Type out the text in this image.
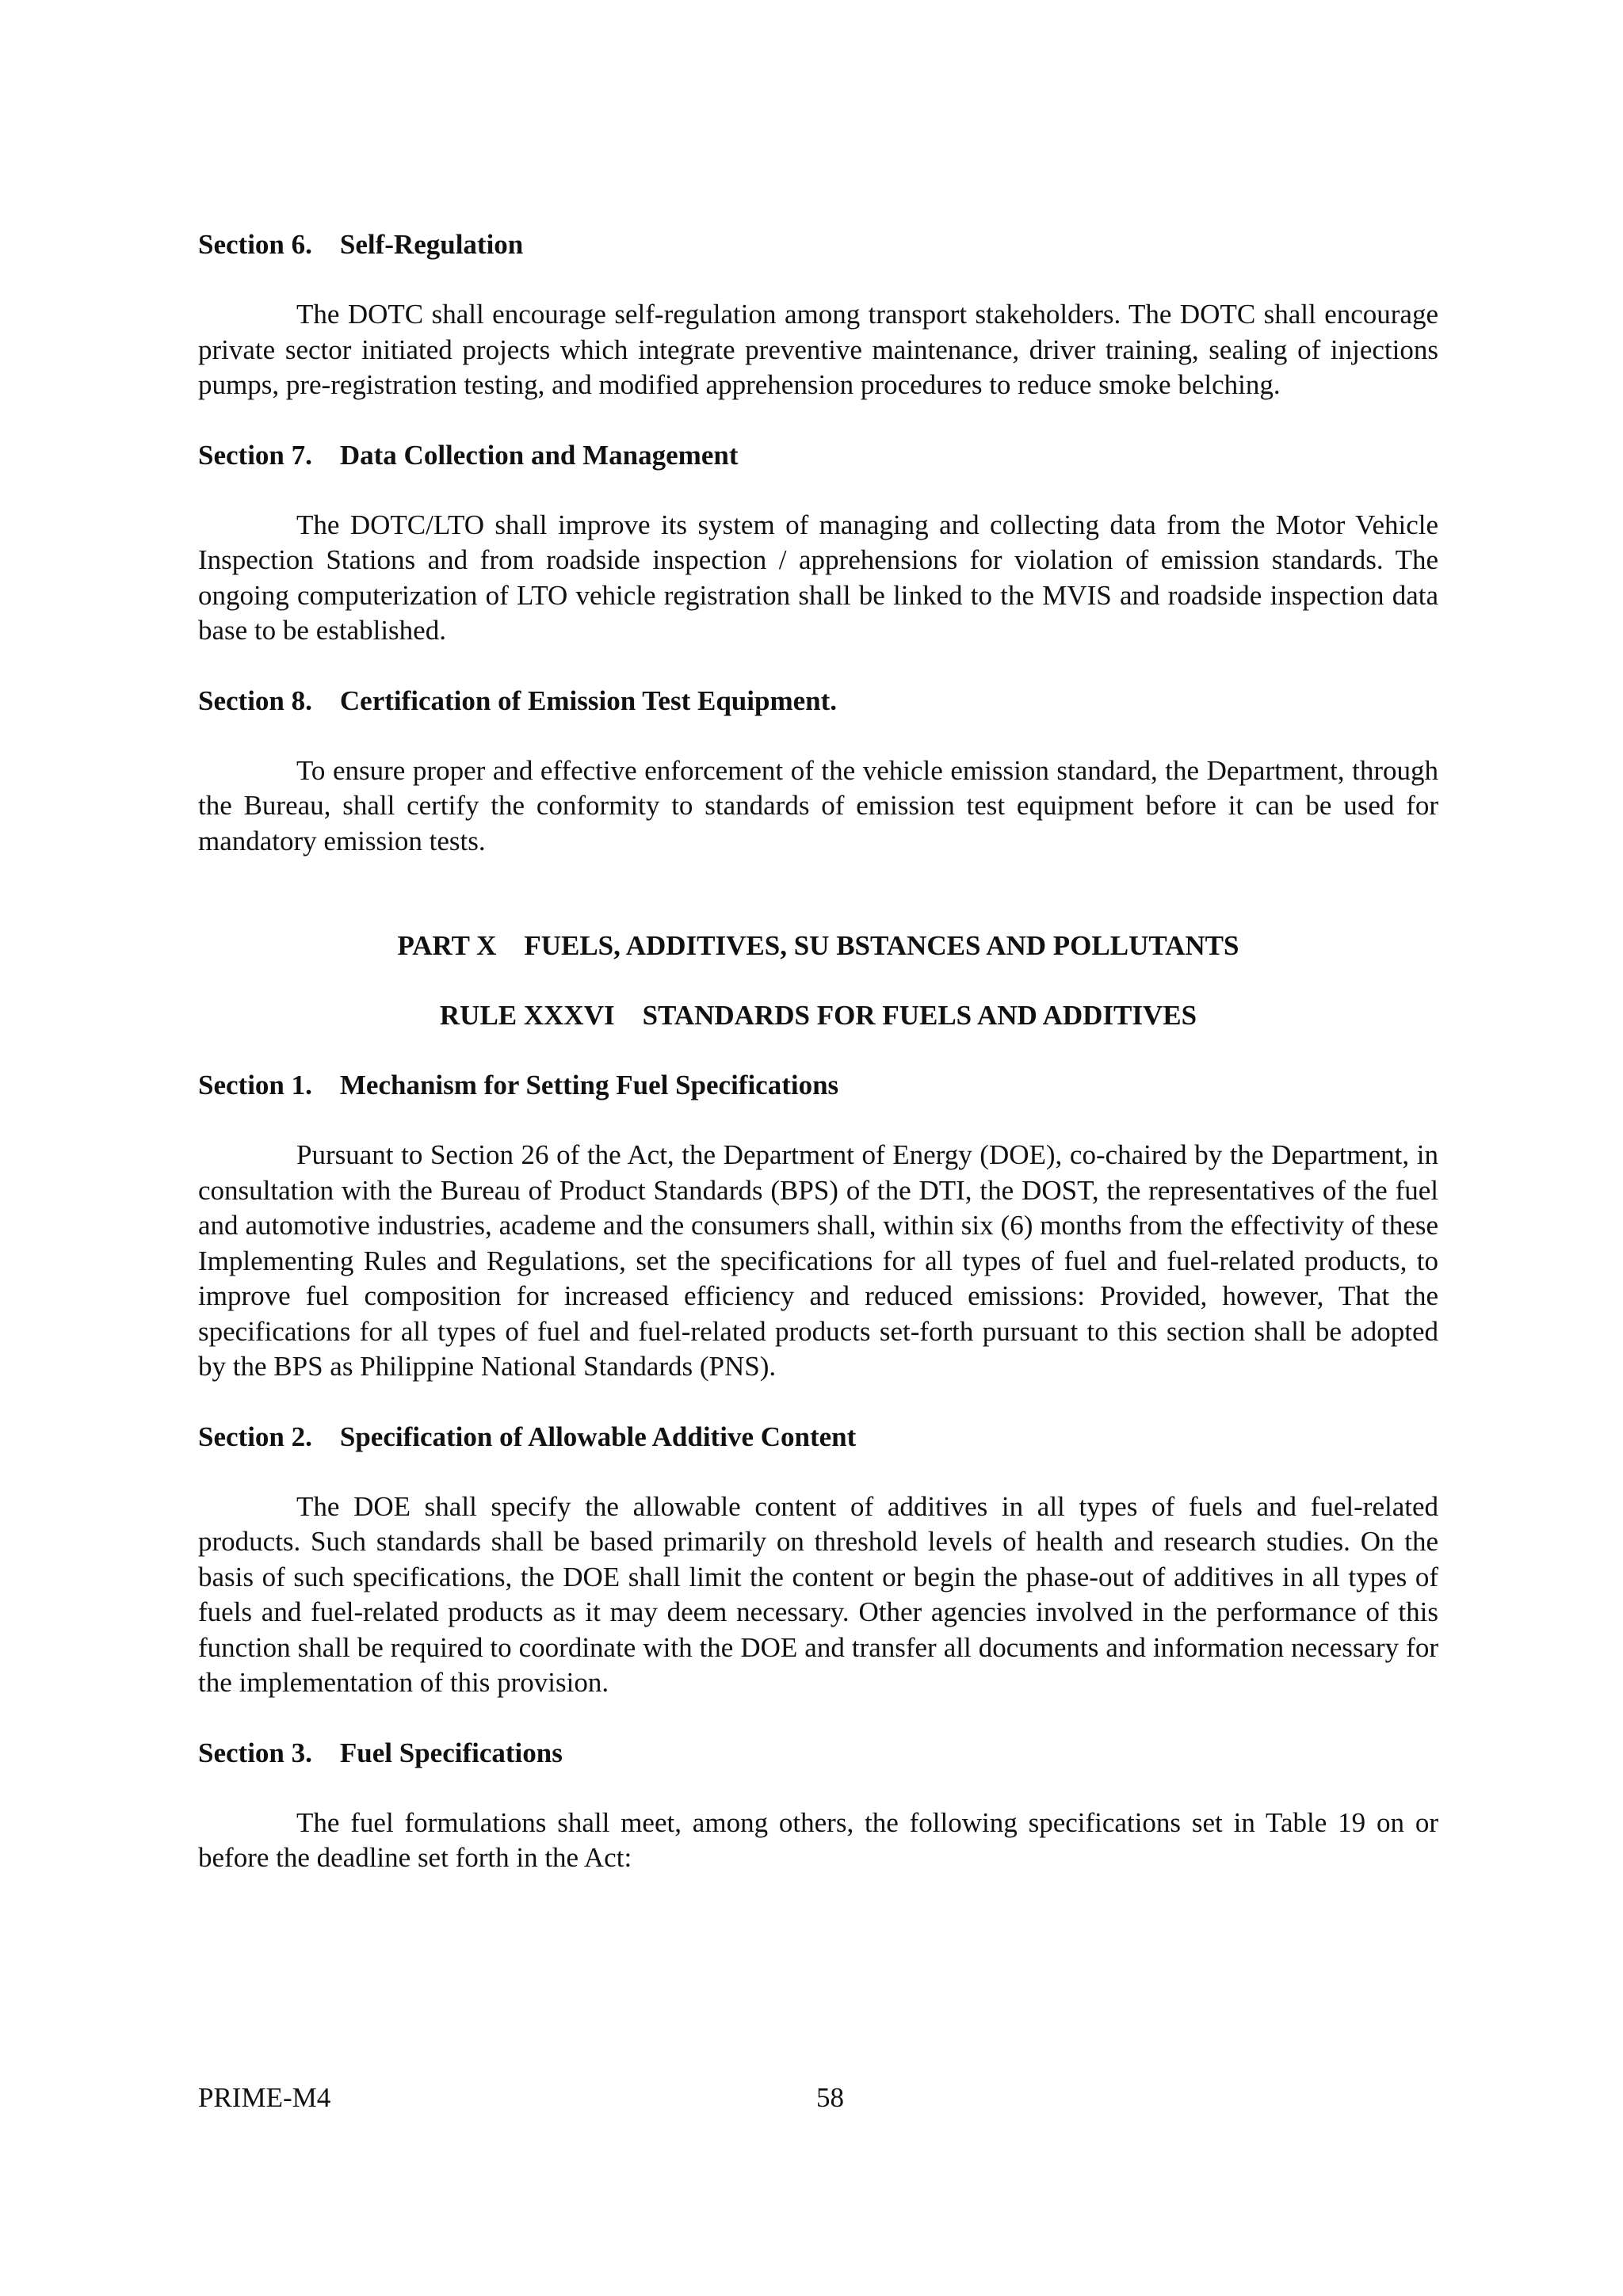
Section 6.    Self-Regulation

The DOTC shall encourage self-regulation among transport stakeholders. The DOTC shall encourage private sector initiated projects which integrate preventive maintenance, driver training, sealing of injections pumps, pre-registration testing, and modified apprehension procedures to reduce smoke belching.

Section 7.    Data Collection and Management

The DOTC/LTO shall improve its system of managing and collecting data from the Motor Vehicle Inspection Stations and from roadside inspection / apprehensions for violation of emission standards. The ongoing computerization of LTO vehicle registration shall be linked to the MVIS and roadside inspection data base to be established.

Section 8.    Certification of Emission Test Equipment.

To ensure proper and effective enforcement of the vehicle emission standard, the Department, through the Bureau, shall certify the conformity to standards of emission test equipment before it can be used for mandatory emission tests.

PART X    FUELS, ADDITIVES, SU BSTANCES AND POLLUTANTS

RULE XXXVI    STANDARDS FOR FUELS AND ADDITIVES

Section 1.    Mechanism for Setting Fuel Specifications

Pursuant to Section 26 of the Act, the Department of Energy (DOE), co-chaired by the Department, in consultation with the Bureau of Product Standards (BPS) of the DTI, the DOST, the representatives of the fuel and automotive industries, academe and the consumers shall, within six (6) months from the effectivity of these Implementing Rules and Regulations, set the specifications for all types of fuel and fuel-related products, to improve fuel composition for increased efficiency and reduced emissions: Provided, however, That the specifications for all types of fuel and fuel-related products set-forth pursuant to this section shall be adopted by the BPS as Philippine National Standards (PNS).

Section 2.    Specification of Allowable Additive Content

The DOE shall specify the allowable content of additives in all types of fuels and fuel-related products. Such standards shall be based primarily on threshold levels of health and research studies. On the basis of such specifications, the DOE shall limit the content or begin the phase-out of additives in all types of fuels and fuel-related products as it may deem necessary. Other agencies involved in the performance of this function shall be required to coordinate with the DOE and transfer all documents and information necessary for the implementation of this provision.

Section 3.    Fuel Specifications

The fuel formulations shall meet, among others, the following specifications set in Table 19 on or before the deadline set forth in the Act:

PRIME-M4	58
